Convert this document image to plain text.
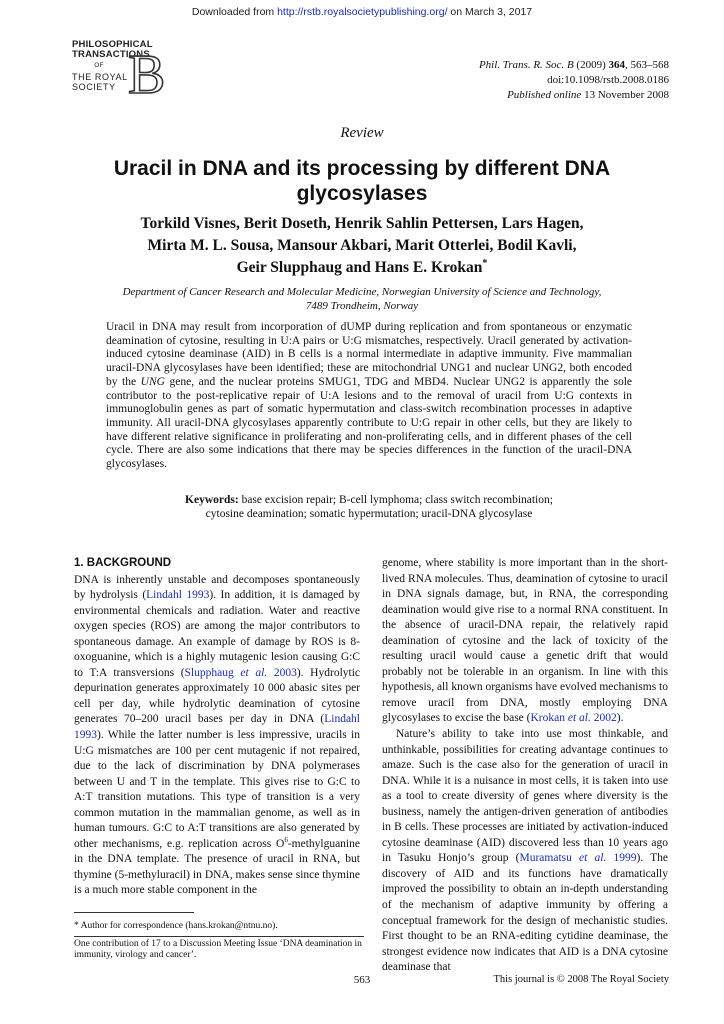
Downloaded from http://rstb.royalsocietypublishing.org/ on March 3, 2017
PHILOSOPHICAL
TRANSACTIONS
OF
THE ROYAL
SOCIETY B	Phil. Trans. R. Soc. B (2009) 364, 563–568
doi:10.1098/rstb.2008.0186
Published online 13 November 2008
Review
Uracil in DNA and its processing by different DNA glycosylases
Torkild Visnes, Berit Doseth, Henrik Sahlin Pettersen, Lars Hagen,
Mirta M. L. Sousa, Mansour Akbari, Marit Otterlei, Bodil Kavli,
Geir Slupphaug and Hans E. Krokan*
Department of Cancer Research and Molecular Medicine, Norwegian University of Science and Technology,
7489 Trondheim, Norway
Uracil in DNA may result from incorporation of dUMP during replication and from spontaneous or enzymatic deamination of cytosine, resulting in U:A pairs or U:G mismatches, respectively. Uracil generated by activation-induced cytosine deaminase (AID) in B cells is a normal intermediate in adaptive immunity. Five mammalian uracil-DNA glycosylases have been identified; these are mitochondrial UNG1 and nuclear UNG2, both encoded by the UNG gene, and the nuclear proteins SMUG1, TDG and MBD4. Nuclear UNG2 is apparently the sole contributor to the post-replicative repair of U:A lesions and to the removal of uracil from U:G contexts in immunoglobulin genes as part of somatic hypermutation and class-switch recombination processes in adaptive immunity. All uracil-DNA glycosylases apparently contribute to U:G repair in other cells, but they are likely to have different relative significance in proliferating and non-proliferating cells, and in different phases of the cell cycle. There are also some indications that there may be species differences in the function of the uracil-DNA glycosylases.
Keywords: base excision repair; B-cell lymphoma; class switch recombination;
cytosine deamination; somatic hypermutation; uracil-DNA glycosylase
1. BACKGROUND

DNA is inherently unstable and decomposes spontaneously by hydrolysis (Lindahl 1993). In addition, it is damaged by environmental chemicals and radiation. Water and reactive oxygen species (ROS) are among the major contributors to spontaneous damage. An example of damage by ROS is 8-oxoguanine, which is a highly mutagenic lesion causing G:C to T:A transversions (Slupphaug et al. 2003). Hydrolytic depurination generates approximately 10 000 abasic sites per cell per day, while hydrolytic deamination of cytosine generates 70–200 uracil bases per day in DNA (Lindahl 1993). While the latter number is less impressive, uracils in U:G mismatches are 100 per cent mutagenic if not repaired, due to the lack of discrimination by DNA polymerases between U and T in the template. This gives rise to G:C to A:T transition mutations. This type of transition is a very common mutation in the mammalian genome, as well as in human tumours. G:C to A:T transitions are also generated by other mechanisms, e.g. replication across $O^6$-methylguanine in the DNA template. The presence of uracil in RNA, but thymine (5-methyluracil) in DNA, makes sense since thymine is a much more stable component in the

genome, where stability is more important than in the short-lived RNA molecules. Thus, deamination of cytosine to uracil in DNA signals damage, but, in RNA, the corresponding deamination would give rise to a normal RNA constituent. In the absence of uracil-DNA repair, the relatively rapid deamination of cytosine and the lack of toxicity of the resulting uracil would cause a genetic drift that would probably not be tolerable in an organism. In line with this hypothesis, all known organisms have evolved mechanisms to remove uracil from DNA, mostly employing DNA glycosylases to excise the base (Krokan et al. 2002).

Nature’s ability to take into use most thinkable, and unthinkable, possibilities for creating advantage continues to amaze. Such is the case also for the generation of uracil in DNA. While it is a nuisance in most cells, it is taken into use as a tool to create diversity of genes where diversity is the business, namely the antigen-driven generation of antibodies in B cells. These processes are initiated by activation-induced cytosine deaminase (AID) discovered less than 10 years ago in Tasuku Honjo’s group (Muramatsu et al. 1999). The discovery of AID and its functions have dramatically improved the possibility to obtain an in-depth understanding of the mechanism of adaptive immunity by offering a conceptual framework for the design of mechanistic studies. First thought to be an RNA-editing cytidine deaminase, the strongest evidence now indicates that AID is a DNA cytosine deaminase that

* Author for correspondence (hans.krokan@ntnu.no).
One contribution of 17 to a Discussion Meeting Issue ‘DNA deamination in immunity, virology and cancer’.
563	This journal is © 2008 The Royal Society
